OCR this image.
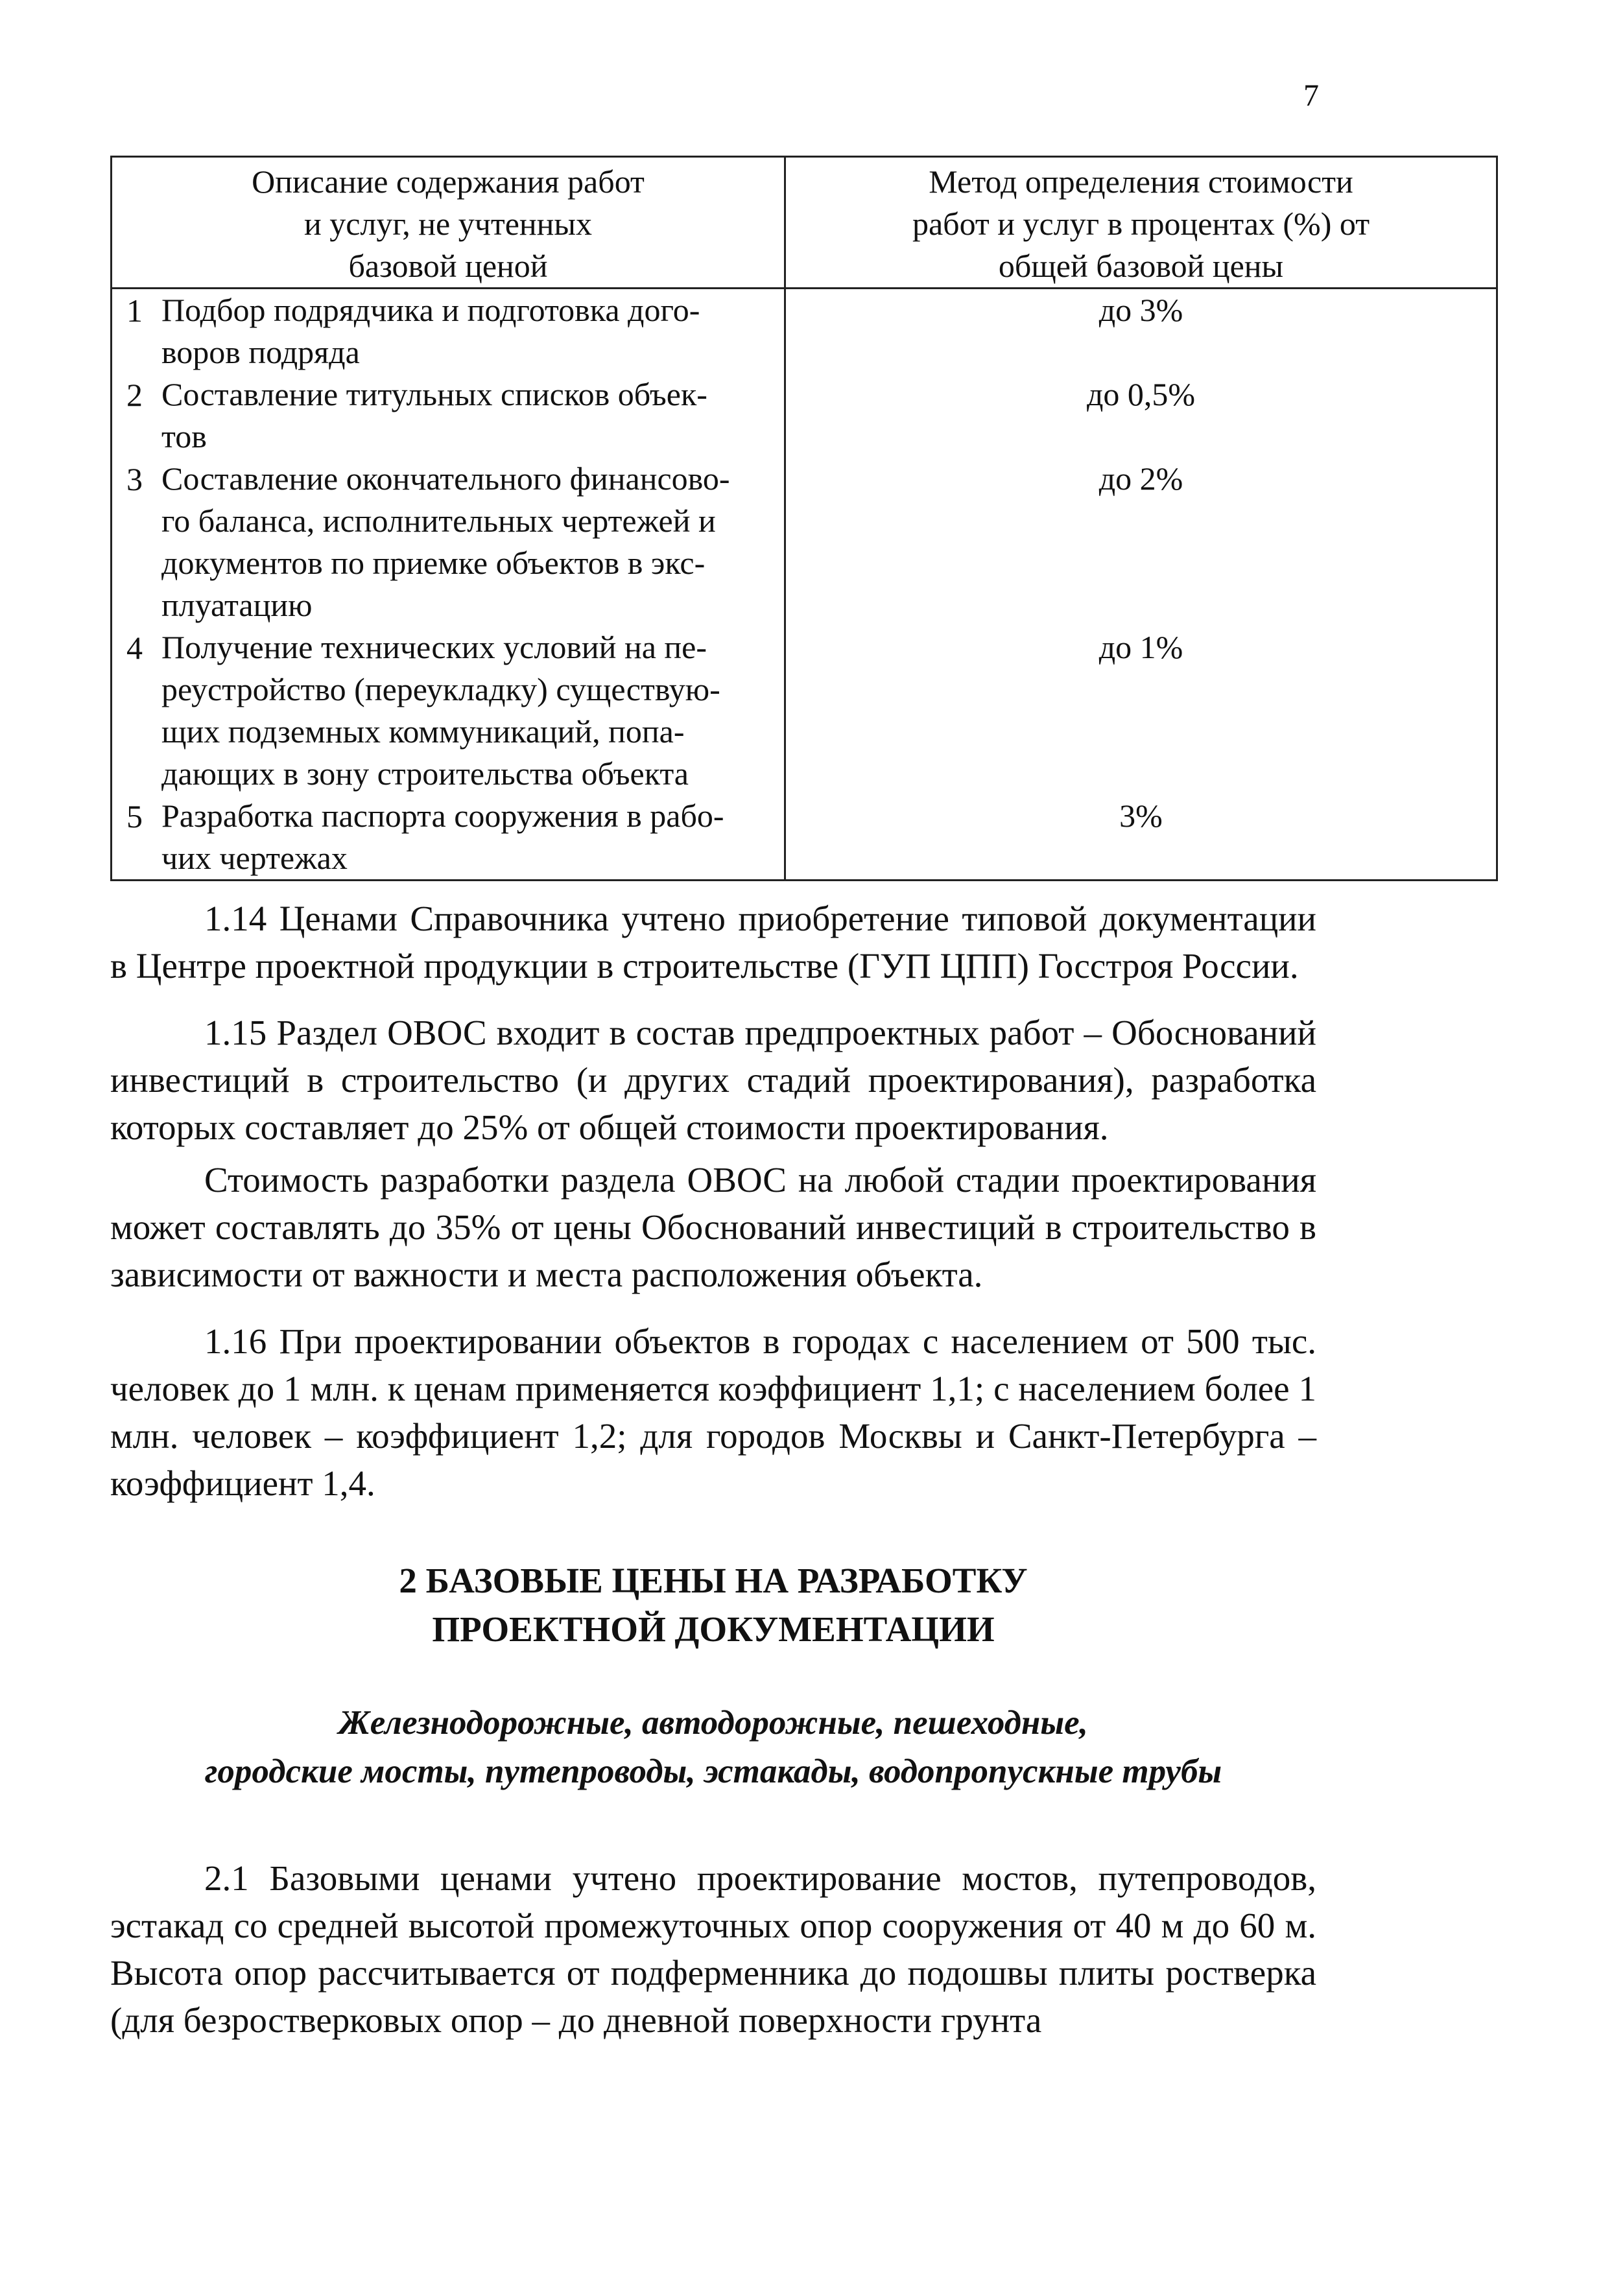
7
Описание содержания работ
и услуг, не учтенных
базовой ценой		Метод определения стоимости
работ и услуг в процентах (%) от
общей базовой цены

1	Подбор подрядчика и подготовка дого-
воров подряда	до 3%
2	Составление титульных списков объек-
тов	до 0,5%
3	Составление окончательного финансово-
го баланса, исполнительных чертежей и
документов по приемке объектов в экс-
плуатацию	до 2%
4	Получение технических условий на пе-
реустройство (переукладку) существую-
щих подземных коммуникаций, попа-
дающих в зону строительства объекта	до 1%
5	Разработка паспорта сооружения в рабо-
чих чертежах	3%

1.14 Ценами Справочника учтено приобретение типовой документации в Центре проектной продукции в строительстве (ГУП ЦПП) Госстроя России.

1.15 Раздел ОВОС входит в состав предпроектных работ – Обоснований инвестиций в строительство (и других стадий проектирования), разработка которых составляет до 25% от общей стоимости проектирования.

Стоимость разработки раздела ОВОС на любой стадии проектирования может составлять до 35% от цены Обоснований инвестиций в строительство в зависимости от важности и места расположения объекта.

1.16 При проектировании объектов в городах с населением от 500 тыс. человек до 1 млн. к ценам применяется коэффициент 1,1; с населением более 1 млн. человек – коэффициент 1,2; для городов Москвы и Санкт-Петербурга – коэффициент 1,4.

2 БАЗОВЫЕ ЦЕНЫ НА РАЗРАБОТКУ
ПРОЕКТНОЙ ДОКУМЕНТАЦИИ
Железнодорожные, автодорожные, пешеходные,
городские мосты, путепроводы, эстакады, водопропускные трубы

2.1 Базовыми ценами учтено проектирование мостов, путепроводов, эстакад со средней высотой промежуточных опор сооружения от 40 м до 60 м. Высота опор рассчитывается от подферменника до подошвы плиты ростверка (для безростверковых опор – до дневной поверхности грунта
